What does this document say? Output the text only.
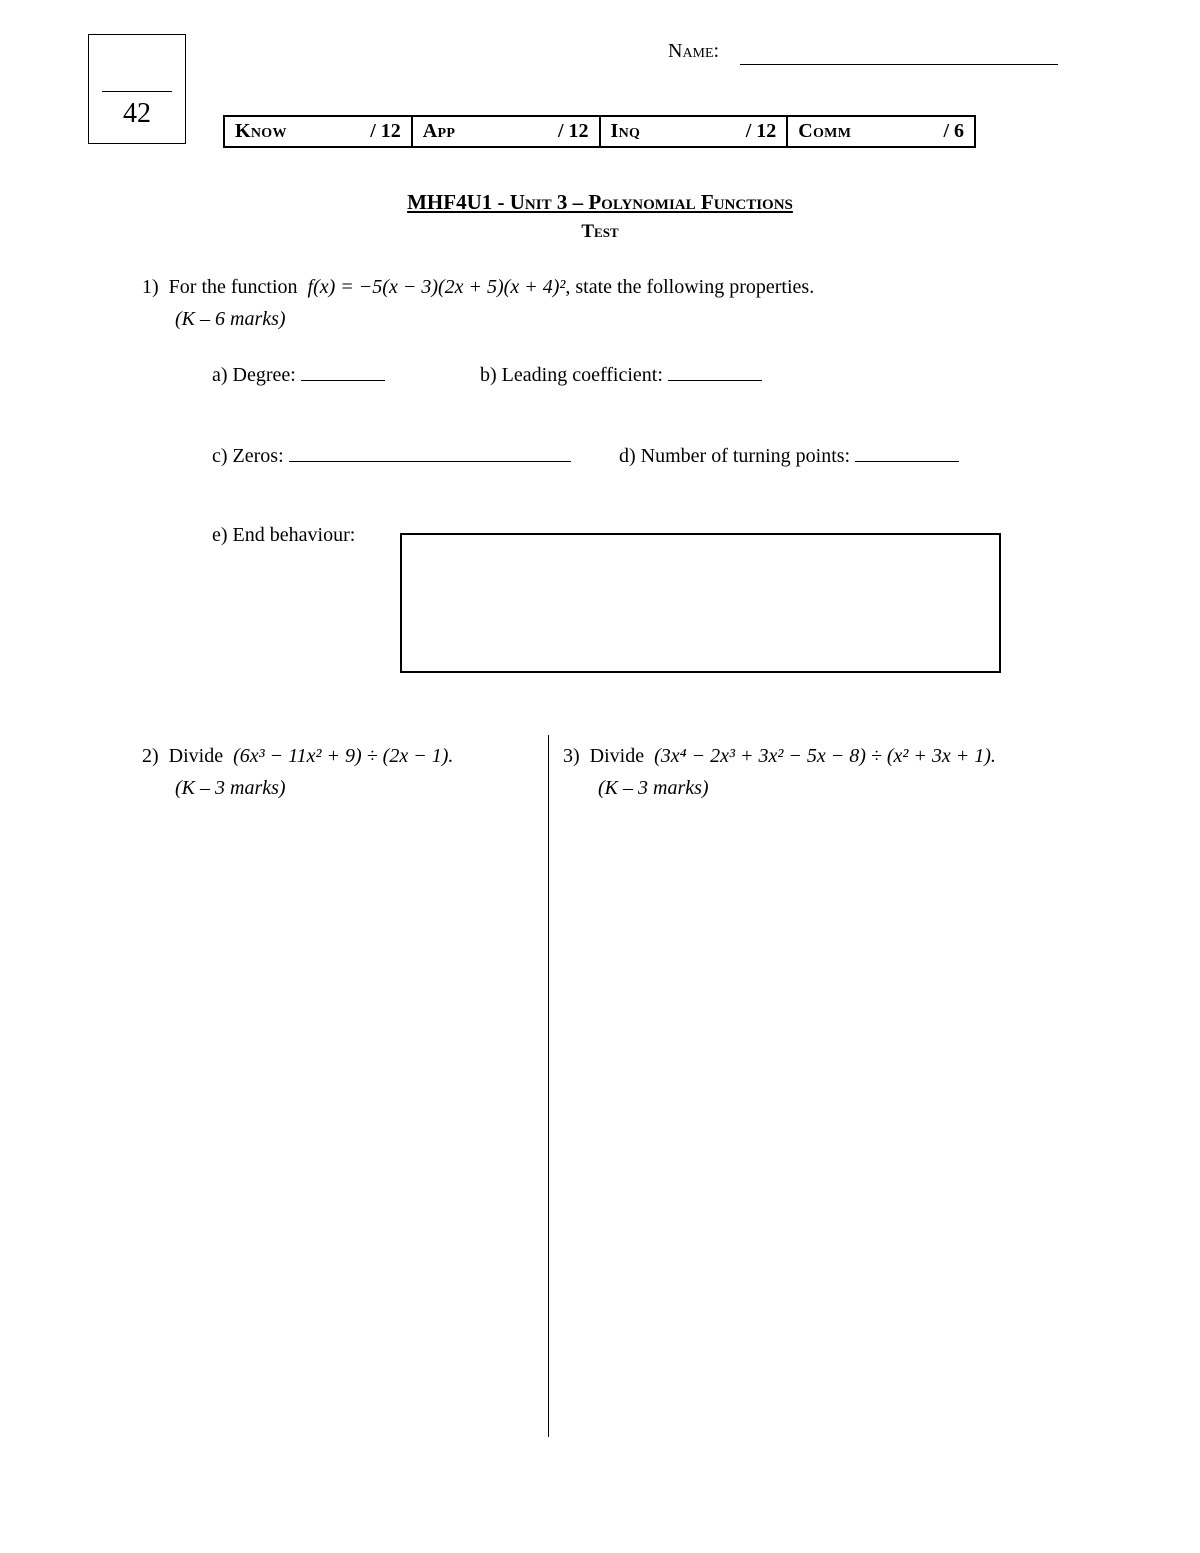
42
Name:
Know	/ 12 App	/ 12 Inq	/ 12 Comm	/ 6
MHF4U1 - Unit 3 – Polynomial Functions
Test
1) For the function f(x) = −5(x − 3)(2x + 5)(x + 4)², state the following properties.
(K – 6 marks)
a) Degree:	b) Leading coefficient:
c) Zeros:	d) Number of turning points:
e) End behaviour:
2) Divide (6x³ − 11x² + 9) ÷ (2x − 1).
(K – 3 marks)
3) Divide (3x⁴ − 2x³ + 3x² − 5x − 8) ÷ (x² + 3x + 1).
(K – 3 marks)
